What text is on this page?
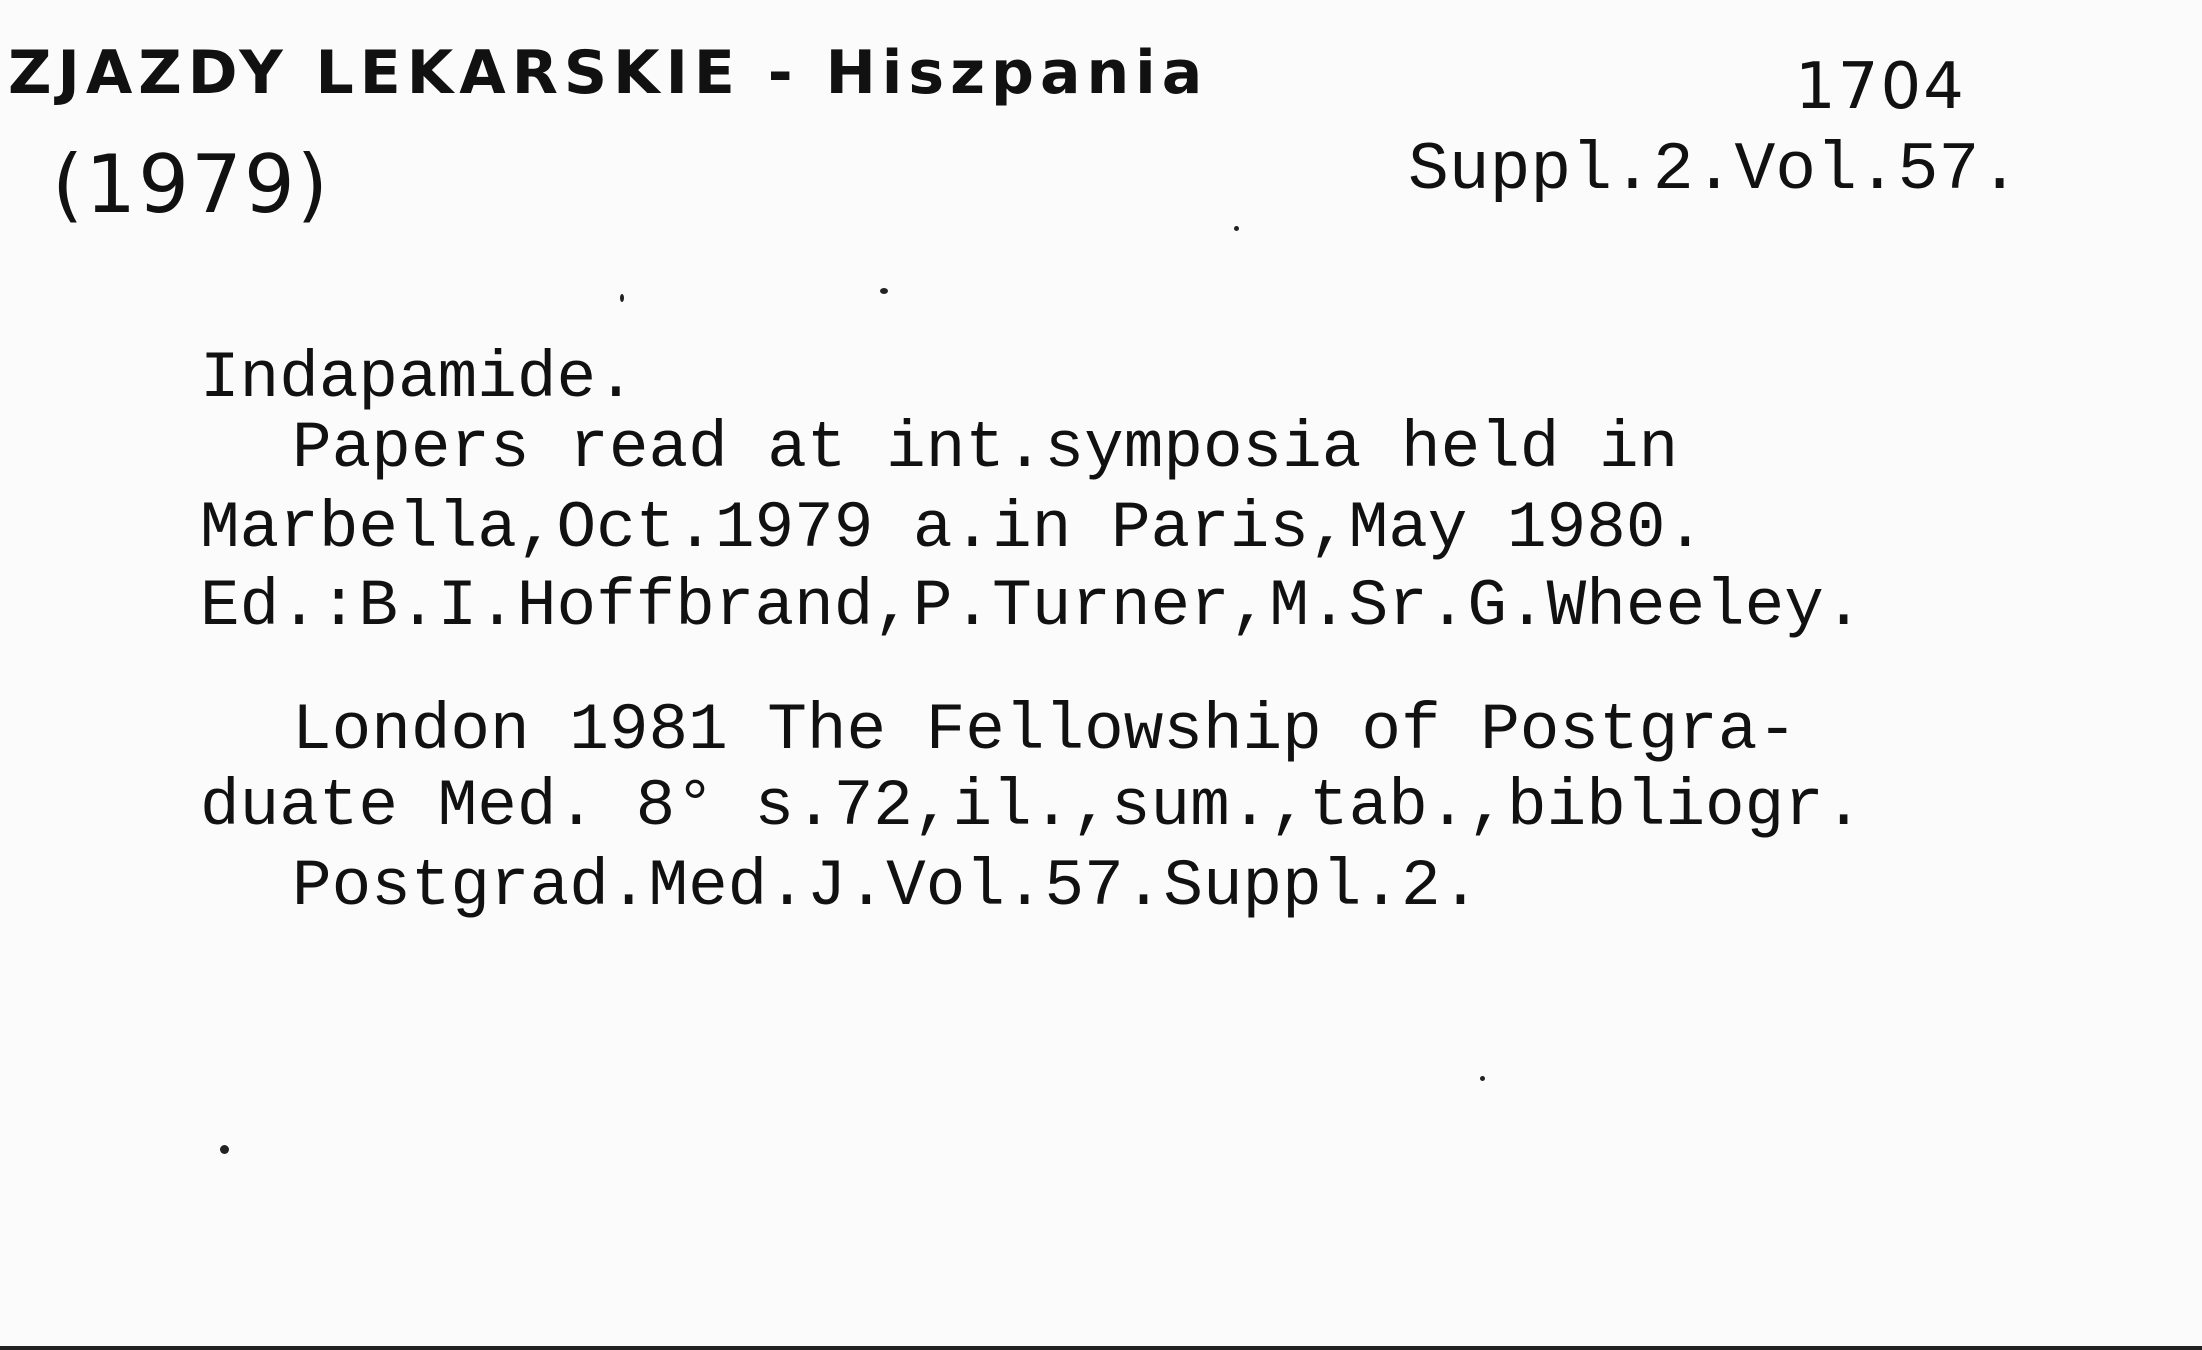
ZJAZDY LEKARSKIE - Hiszpania
(1979)
1704
Suppl.2.Vol.57.
Indapamide.
Papers read at int.symposia held in
Marbella,Oct.1979 a.in Paris,May 1980.
Ed.:B.I.Hoffbrand,P.Turner,M.Sr.G.Wheeley.
London 1981 The Fellowship of Postgra-
duate Med. 8° s.72,il.,sum.,tab.,bibliogr.
Postgrad.Med.J.Vol.57.Suppl.2.
